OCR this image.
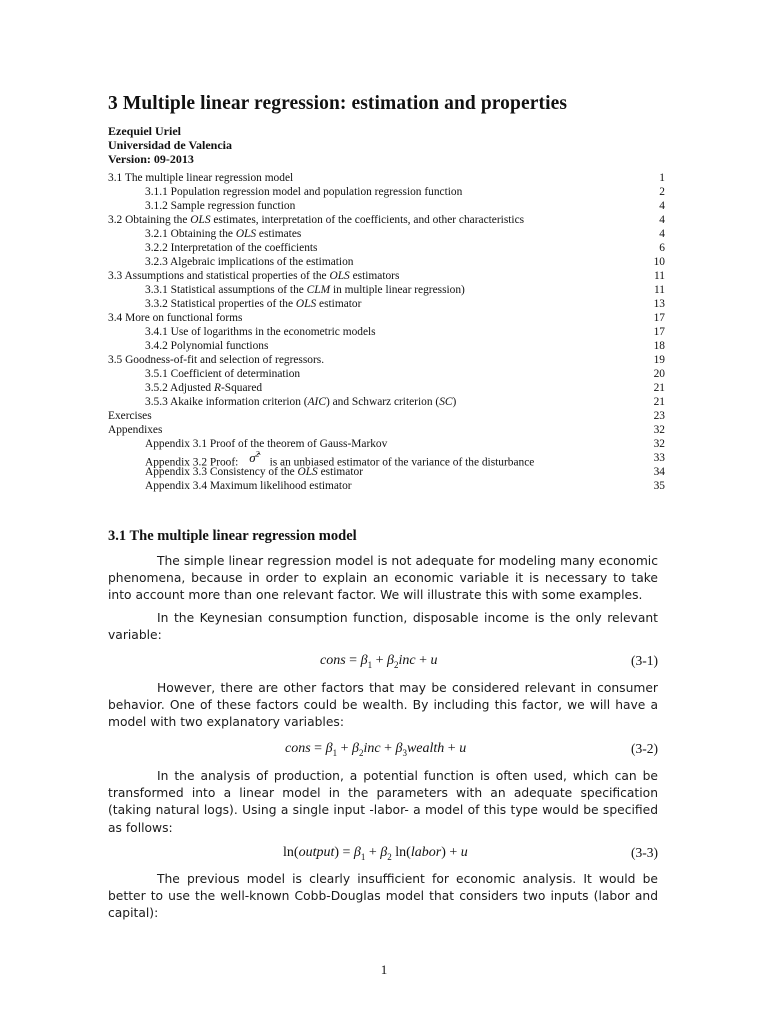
3 Multiple linear regression: estimation and properties
Ezequiel Uriel
Universidad de Valencia
Version: 09-2013
3.1 The multiple linear regression model	1
3.1.1 Population regression model and population regression function	2
3.1.2 Sample regression function	4
3.2 Obtaining the OLS estimates, interpretation of the coefficients, and other characteristics	4
3.2.1 Obtaining the OLS estimates	4
3.2.2 Interpretation of the coefficients	6
3.2.3 Algebraic implications of the estimation	10
3.3 Assumptions and statistical properties of the OLS estimators	11
3.3.1 Statistical assumptions of the CLM in multiple linear regression)	11
3.3.2 Statistical properties of the OLS estimator	13
3.4 More on functional forms	17
3.4.1 Use of logarithms in the econometric models	17
3.4.2 Polynomial functions	18
3.5 Goodness-of-fit and selection of regressors.	19
3.5.1 Coefficient of determination	20
3.5.2 Adjusted R-Squared	21
3.5.3 Akaike information criterion (AIC) and Schwarz criterion (SC)	21
Exercises	23
Appendixes	32
Appendix 3.1 Proof of the theorem of Gauss-Markov	32
Appendix 3.2 Proof: σ̂$^2$is an unbiased estimator of the variance of the disturbance	33
Appendix 3.3 Consistency of the OLS estimator	34
Appendix 3.4 Maximum likelihood estimator	35
3.1 The multiple linear regression model

The simple linear regression model is not adequate for modeling many economic phenomena, because in order to explain an economic variable it is necessary to take into account more than one relevant factor. We will illustrate this with some examples.

In the Keynesian consumption function, disposable income is the only relevant variable:

cons = $\beta_1 + \beta_2inc + u$	(3-1)

However, there are other factors that may be considered relevant in consumer behavior. One of these factors could be wealth. By including this factor, we will have a model with two explanatory variables:

cons = $\beta_1 + \beta_2inc$ + $\beta_3wealth + u$	(3-2)

In the analysis of production, a potential function is often used, which can be transformed into a linear model in the parameters with an adequate specification (taking natural logs). Using a single input -labor- a model of this type would be specified as follows:

ln(output) = $\beta_1 + \beta_2$ ln(labor) + u	(3-3)

The previous model is clearly insufficient for economic analysis. It would be better to use the well-known Cobb-Douglas model that considers two inputs (labor and capital):

1
